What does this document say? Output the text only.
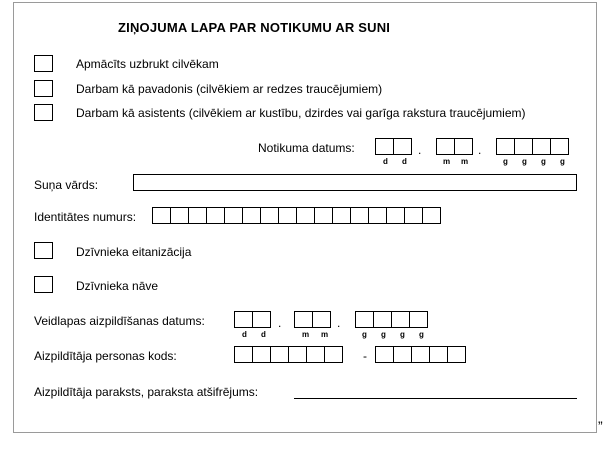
ZIŅOJUMA LAPA PAR NOTIKUMU AR SUNI
Apmācīts uzbrukt cilvēkam
Darbam kā pavadonis (cilvēkiem ar redzes traucējumiem)
Darbam kā asistents (cilvēkiem ar kustību, dzirdes vai garīga rakstura traucējumiem)
Notikuma datums:
d d
.
m m
.
g g g g
Suņa vārds:
Identitātes numurs:
Dzīvnieka eitanizācija
Dzīvnieka nāve
Veidlapas aizpildīšanas datums:
d d
.
m m
.
g g g g
Aizpildītāja personas kods:	-
Aizpildītāja paraksts, paraksta atšifrējums:
”
